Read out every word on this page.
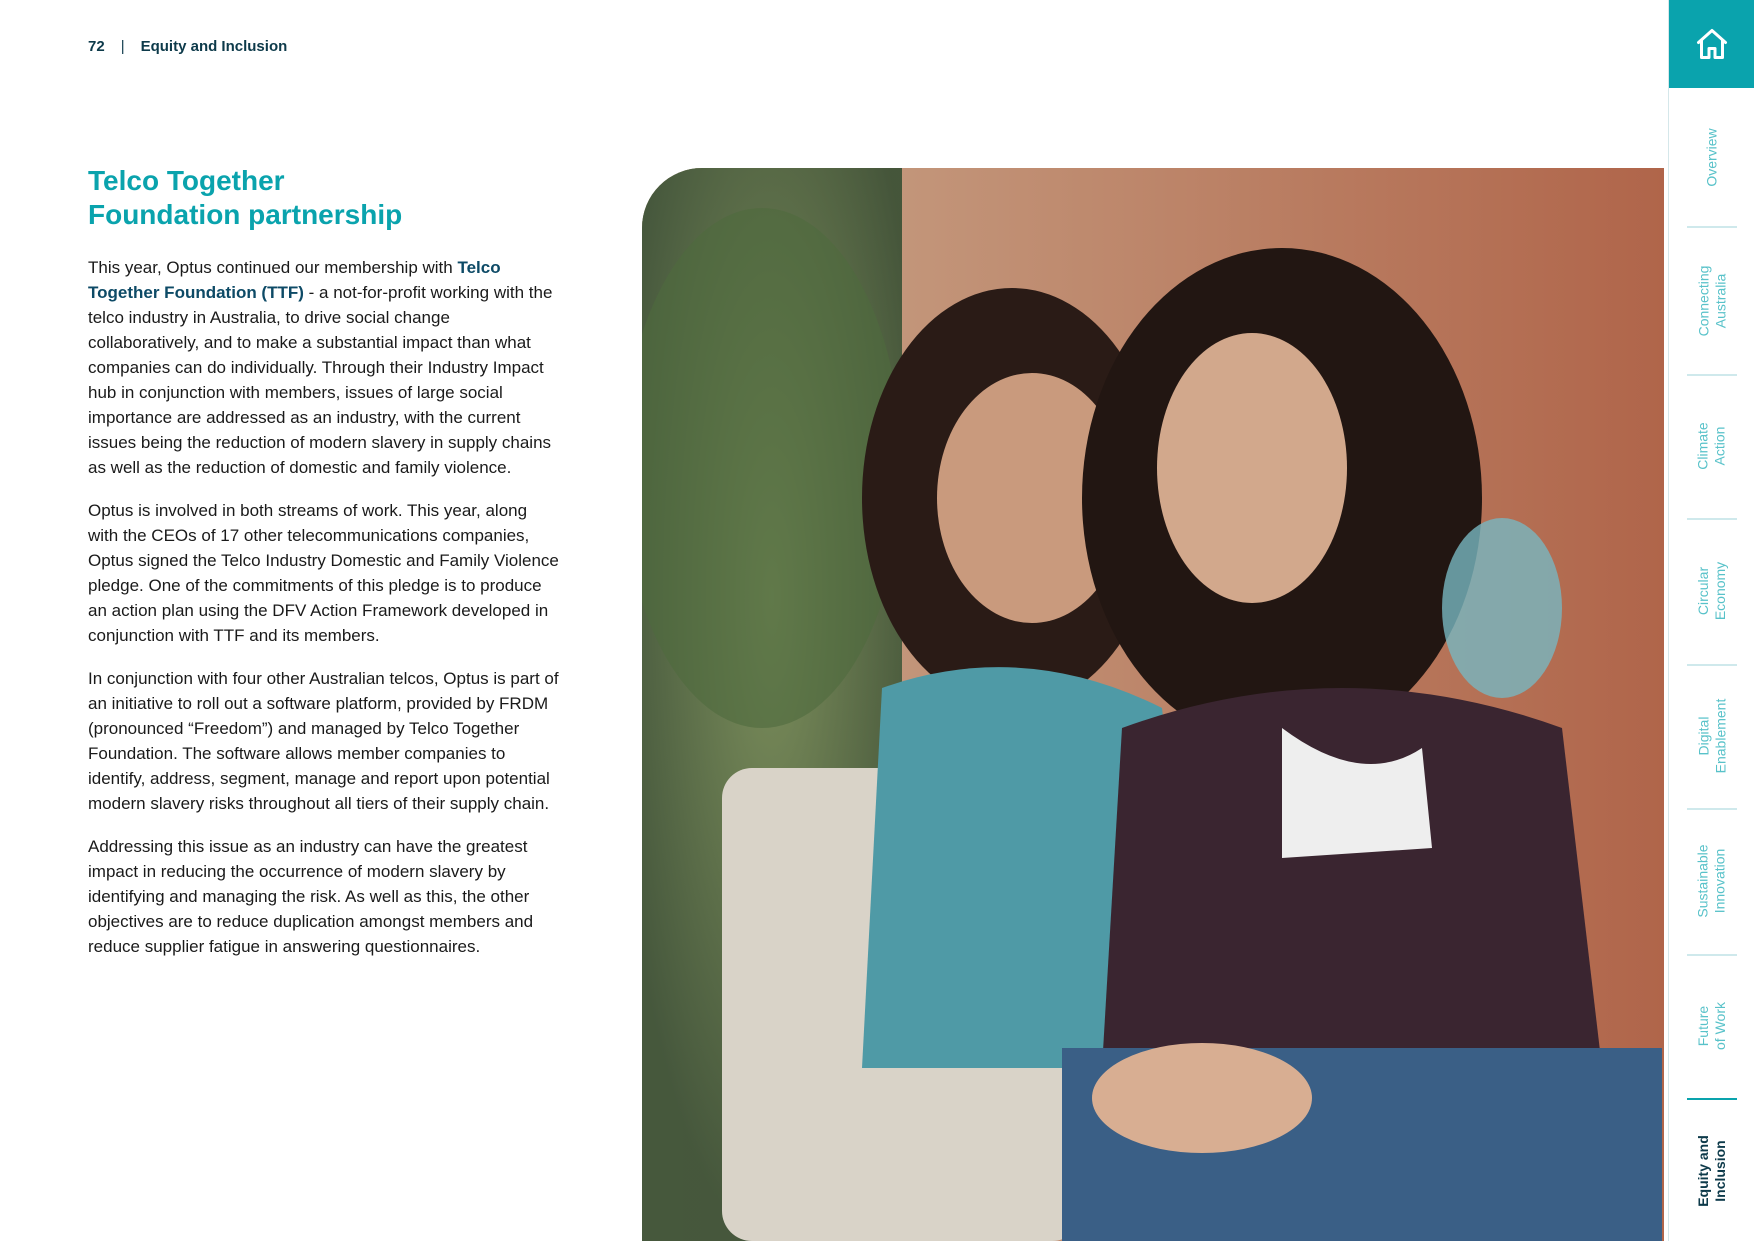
72 | Equity and Inclusion
Telco Together
Foundation partnership

This year, Optus continued our membership with Telco Together Foundation (TTF) - a not-for-profit working with the telco industry in Australia, to drive social change collaboratively, and to make a substantial impact than what companies can do individually. Through their Industry Impact hub in conjunction with members, issues of large social importance are addressed as an industry, with the current issues being the reduction of modern slavery in supply chains as well as the reduction of domestic and family violence.

Optus is involved in both streams of work. This year, along with the CEOs of 17 other telecommunications companies, Optus signed the Telco Industry Domestic and Family Violence pledge. One of the commitments of this pledge is to produce an action plan using the DFV Action Framework developed in conjunction with TTF and its members.

In conjunction with four other Australian telcos, Optus is part of an initiative to roll out a software platform, provided by FRDM (pronounced “Freedom”) and managed by Telco Together Foundation. The software allows member companies to identify, address, segment, manage and report upon potential modern slavery risks throughout all tiers of their supply chain.

Addressing this issue as an industry can have the greatest impact in reducing the occurrence of modern slavery by identifying and managing the risk. As well as this, the other objectives are to reduce duplication amongst members and reduce supplier fatigue in answering questionnaires.

Overview
Connecting
Australia
Climate
Action
Circular
Economy
Digital
Enablement
Sustainable
Innovation
Future
of Work
Equity and
Inclusion
